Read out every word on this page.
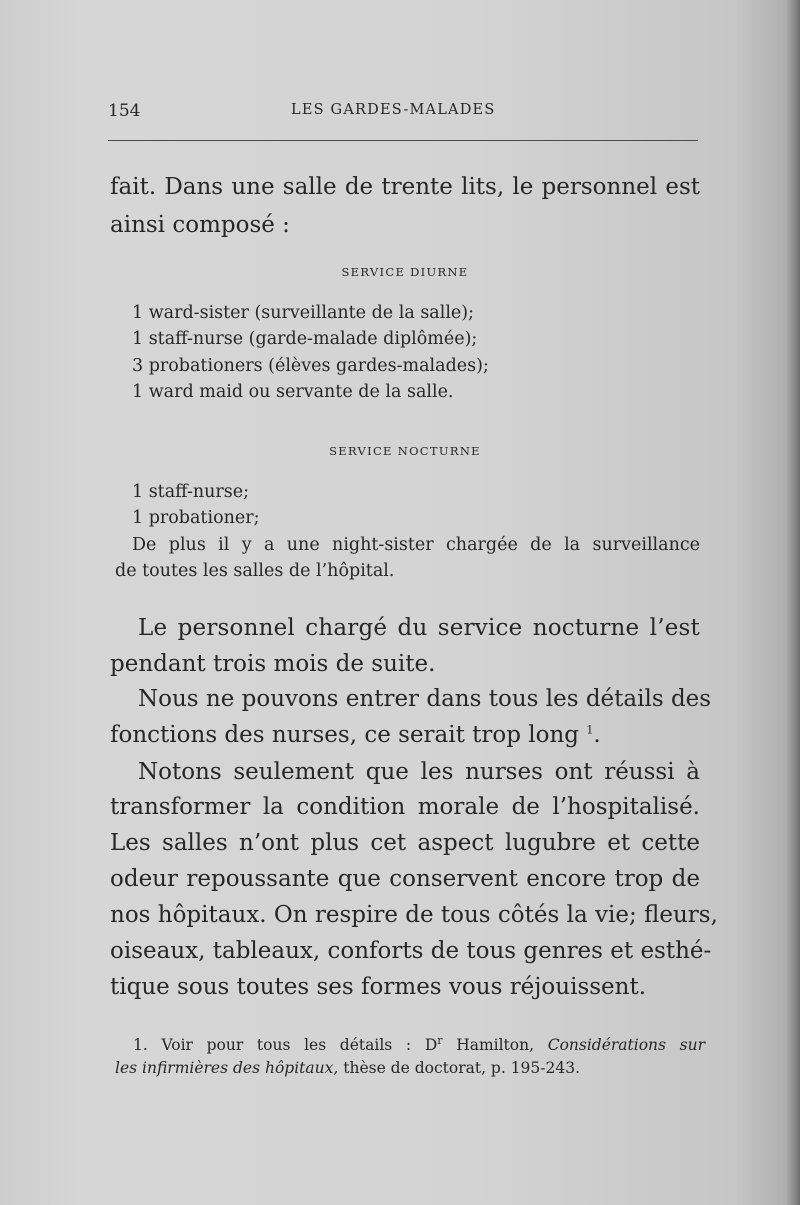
154	LES GARDES-MALADES

fait. Dans une salle de trente lits, le personnel est

ainsi composé :

SERVICE DIURNE

1 ward-sister (surveillante de la salle);

1 staff-nurse (garde-malade diplômée);

3 probationers (élèves gardes-malades);

1 ward maid ou servante de la salle.

SERVICE NOCTURNE

1 staff-nurse;

1 probationer;

De plus il y a une night-sister chargée de la surveillance

de toutes les salles de l’hôpital.

Le personnel chargé du service nocturne l’est

pendant trois mois de suite.

Nous ne pouvons entrer dans tous les détails des

fonctions des nurses, ce serait trop long $^1$.

Notons seulement que les nurses ont réussi à

transformer la condition morale de l’hospitalisé.

Les salles n’ont plus cet aspect lugubre et cette

odeur repoussante que conservent encore trop de

nos hôpitaux. On respire de tous côtés la vie; fleurs,

oiseaux, tableaux, conforts de tous genres et esthé-

tique sous toutes ses formes vous réjouissent.

1. Voir pour tous les détails : $D^r$ Hamilton, Considérations sur

les infirmières des hôpitaux, thèse de doctorat, p. 195-243.
